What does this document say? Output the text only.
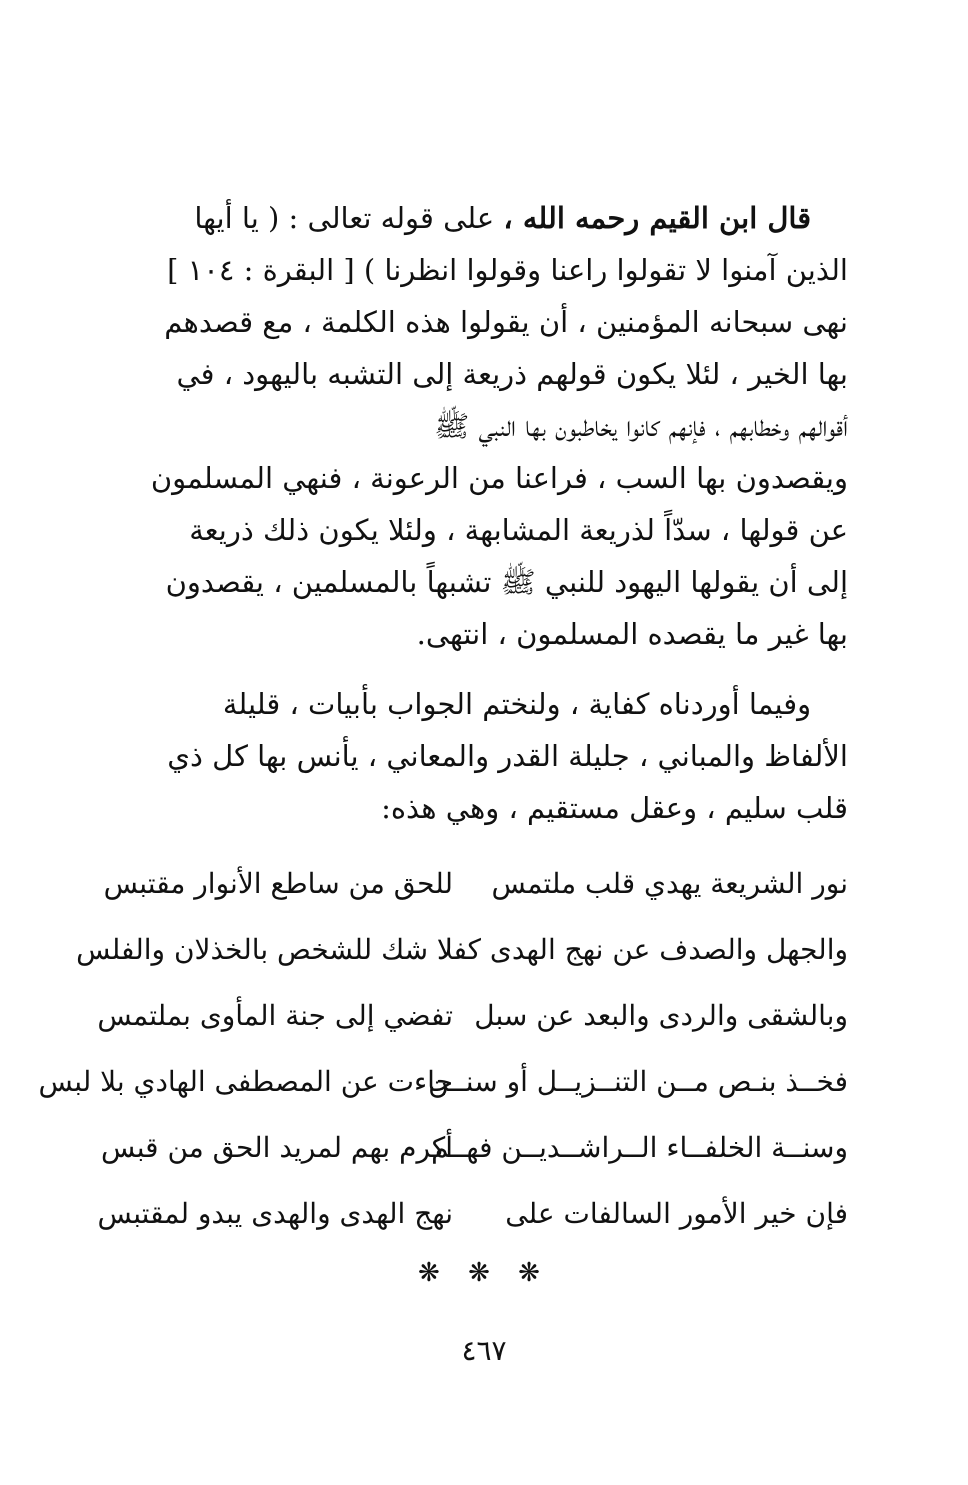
قال ابن القيم رحمه الله ، على قوله تعالى : ( يا أيها
الذين آمنوا لا تقولوا راعنا وقولوا انظرنا ) [ البقرة : ١٠٤ ]
نهى سبحانه المؤمنين ، أن يقولوا هذه الكلمة ، مع قصدهم
بها الخير ، لئلا يكون قولهم ذريعة إلى التشبه باليهود ، في
أقوالهم وخطابهم ، فإنهم كانوا يخاطبون بها النبي ﷺ
ويقصدون بها السب ، فراعنا من الرعونة ، فنهي المسلمون
عن قولها ، سدّاً لذريعة المشابهة ، ولئلا يكون ذلك ذريعة
إلى أن يقولها اليهود للنبي ﷺ تشبهاً بالمسلمين ، يقصدون
بها غير ما يقصده المسلمون ، انتهى.
وفيما أوردناه كفاية ، ولنختم الجواب بأبيات ، قليلة
الألفاظ والمباني ، جليلة القدر والمعاني ، يأنس بها كل ذي
قلب سليم ، وعقل مستقيم ، وهي هذه:
نور الشريعة يهدي قلب ملتمس
للحق من ساطع الأنوار مقتبس
والجهل والصدف عن نهج الهدى كفلا
لا شك للشخص بالخذلان والفلس
وبالشقى والردى والبعد عن سبل
تفضي إلى جنة المأوى بملتمس
فخــذ بنـص مــن التنــزيــل أو سنــن
جاءت عن المصطفى الهادي بلا لبس
وسنــة الخلفــاء الــراشــديــن فهــم
أكرم بهم لمريد الحق من قبس
فإن خير الأمور السالفات على
نهج الهدى والهدى يبدو لمقتبس
❋ ❋ ❋
٤٦٧
